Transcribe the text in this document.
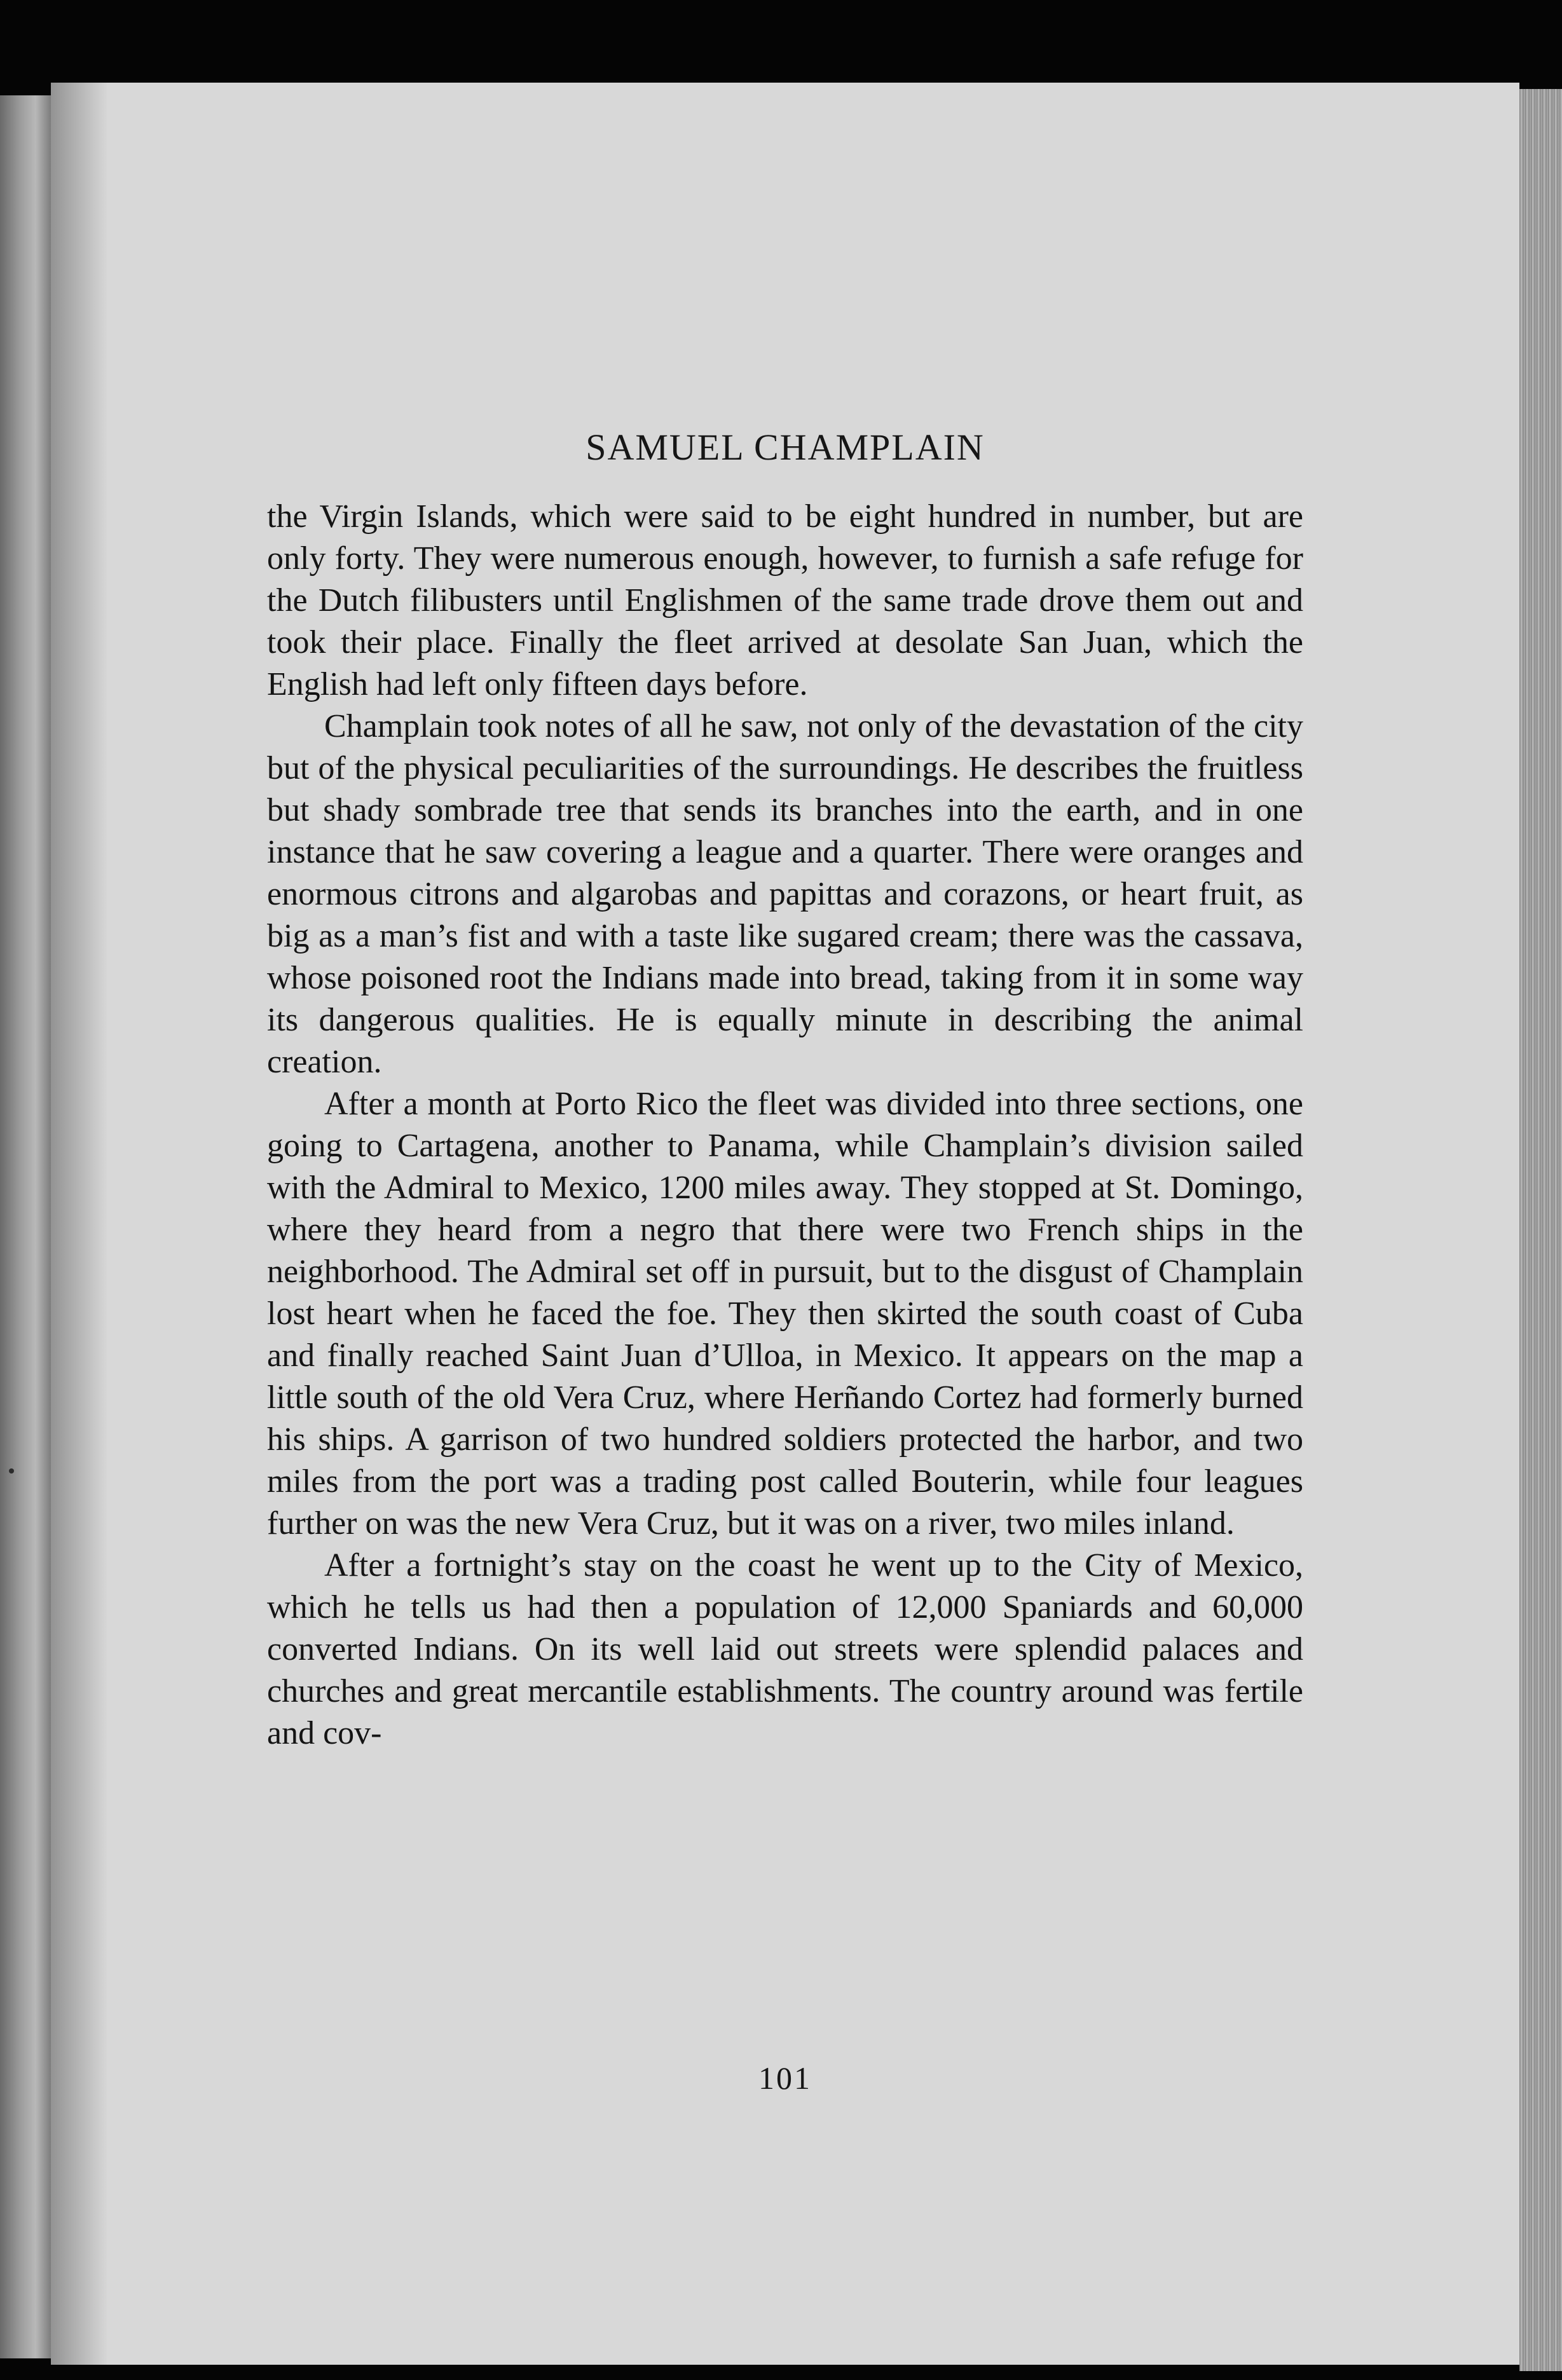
SAMUEL CHAMPLAIN

the Virgin Islands, which were said to be eight hundred in number, but are only forty. They were numerous enough, however, to furnish a safe refuge for the Dutch filibusters until Englishmen of the same trade drove them out and took their place. Finally the fleet arrived at desolate San Juan, which the English had left only fifteen days before.

Champlain took notes of all he saw, not only of the devastation of the city but of the physical peculiarities of the surroundings. He describes the fruitless but shady sombrade tree that sends its branches into the earth, and in one instance that he saw covering a league and a quarter. There were oranges and enormous citrons and algarobas and papittas and corazons, or heart fruit, as big as a man’s fist and with a taste like sugared cream; there was the cassava, whose poisoned root the Indians made into bread, taking from it in some way its dangerous qualities. He is equally minute in describing the animal creation.

After a month at Porto Rico the fleet was divided into three sections, one going to Cartagena, another to Panama, while Champlain’s division sailed with the Admiral to Mexico, 1200 miles away. They stopped at St. Domingo, where they heard from a negro that there were two French ships in the neighborhood. The Admiral set off in pursuit, but to the disgust of Champlain lost heart when he faced the foe. They then skirted the south coast of Cuba and finally reached Saint Juan d’Ulloa, in Mexico. It appears on the map a little south of the old Vera Cruz, where Herñando Cortez had formerly burned his ships. A garrison of two hundred soldiers protected the harbor, and two miles from the port was a trading post called Bouterin, while four leagues further on was the new Vera Cruz, but it was on a river, two miles inland.

After a fortnight’s stay on the coast he went up to the City of Mexico, which he tells us had then a population of 12,000 Spaniards and 60,000 converted Indians. On its well laid out streets were splendid palaces and churches and great mercantile establishments. The country around was fertile and cov-

101
